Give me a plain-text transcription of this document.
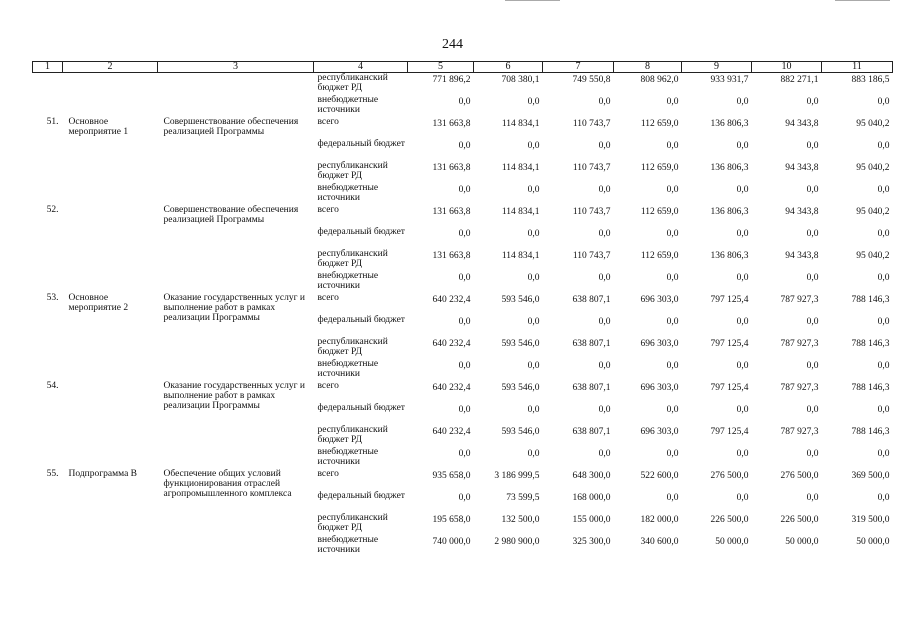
244
1	2	3	4	5	6	7	8	9	10	11
			республиканский бюджет РД	771 896,2	708 380,1	749 550,8	808 962,0	933 931,7	882 271,1	883 186,5
			внебюджетные источники	0,0	0,0	0,0	0,0	0,0	0,0	0,0
51.	Основное мероприятие 1	Совершенствование обеспечения реализацией Программы	всего	131 663,8	114 834,1	110 743,7	112 659,0	136 806,3	94 343,8	95 040,2
			федеральный бюджет	0,0	0,0	0,0	0,0	0,0	0,0	0,0
			республиканский бюджет РД	131 663,8	114 834,1	110 743,7	112 659,0	136 806,3	94 343,8	95 040,2
			внебюджетные источники	0,0	0,0	0,0	0,0	0,0	0,0	0,0
52.		Совершенствование обеспечения реализацией Программы	всего	131 663,8	114 834,1	110 743,7	112 659,0	136 806,3	94 343,8	95 040,2
			федеральный бюджет	0,0	0,0	0,0	0,0	0,0	0,0	0,0
			республиканский бюджет РД	131 663,8	114 834,1	110 743,7	112 659,0	136 806,3	94 343,8	95 040,2
			внебюджетные источники	0,0	0,0	0,0	0,0	0,0	0,0	0,0
53.	Основное мероприятие 2	Оказание государственных услуг и выполнение работ в рамках реализации Программы	всего	640 232,4	593 546,0	638 807,1	696 303,0	797 125,4	787 927,3	788 146,3
			федеральный бюджет	0,0	0,0	0,0	0,0	0,0	0,0	0,0
			республиканский бюджет РД	640 232,4	593 546,0	638 807,1	696 303,0	797 125,4	787 927,3	788 146,3
			внебюджетные источники	0,0	0,0	0,0	0,0	0,0	0,0	0,0
54.		Оказание государственных услуг и выполнение работ в рамках реализации Программы	всего	640 232,4	593 546,0	638 807,1	696 303,0	797 125,4	787 927,3	788 146,3
			федеральный бюджет	0,0	0,0	0,0	0,0	0,0	0,0	0,0
			республиканский бюджет РД	640 232,4	593 546,0	638 807,1	696 303,0	797 125,4	787 927,3	788 146,3
			внебюджетные источники	0,0	0,0	0,0	0,0	0,0	0,0	0,0
55.	Подпрограмма В	Обеспечение общих условий функционирования отраслей агропромышленного комплекса	всего	935 658,0	3 186 999,5	648 300,0	522 600,0	276 500,0	276 500,0	369 500,0
			федеральный бюджет	0,0	73 599,5	168 000,0	0,0	0,0	0,0	0,0
			республиканский бюджет РД	195 658,0	132 500,0	155 000,0	182 000,0	226 500,0	226 500,0	319 500,0
			внебюджетные источники	740 000,0	2 980 900,0	325 300,0	340 600,0	50 000,0	50 000,0	50 000,0
